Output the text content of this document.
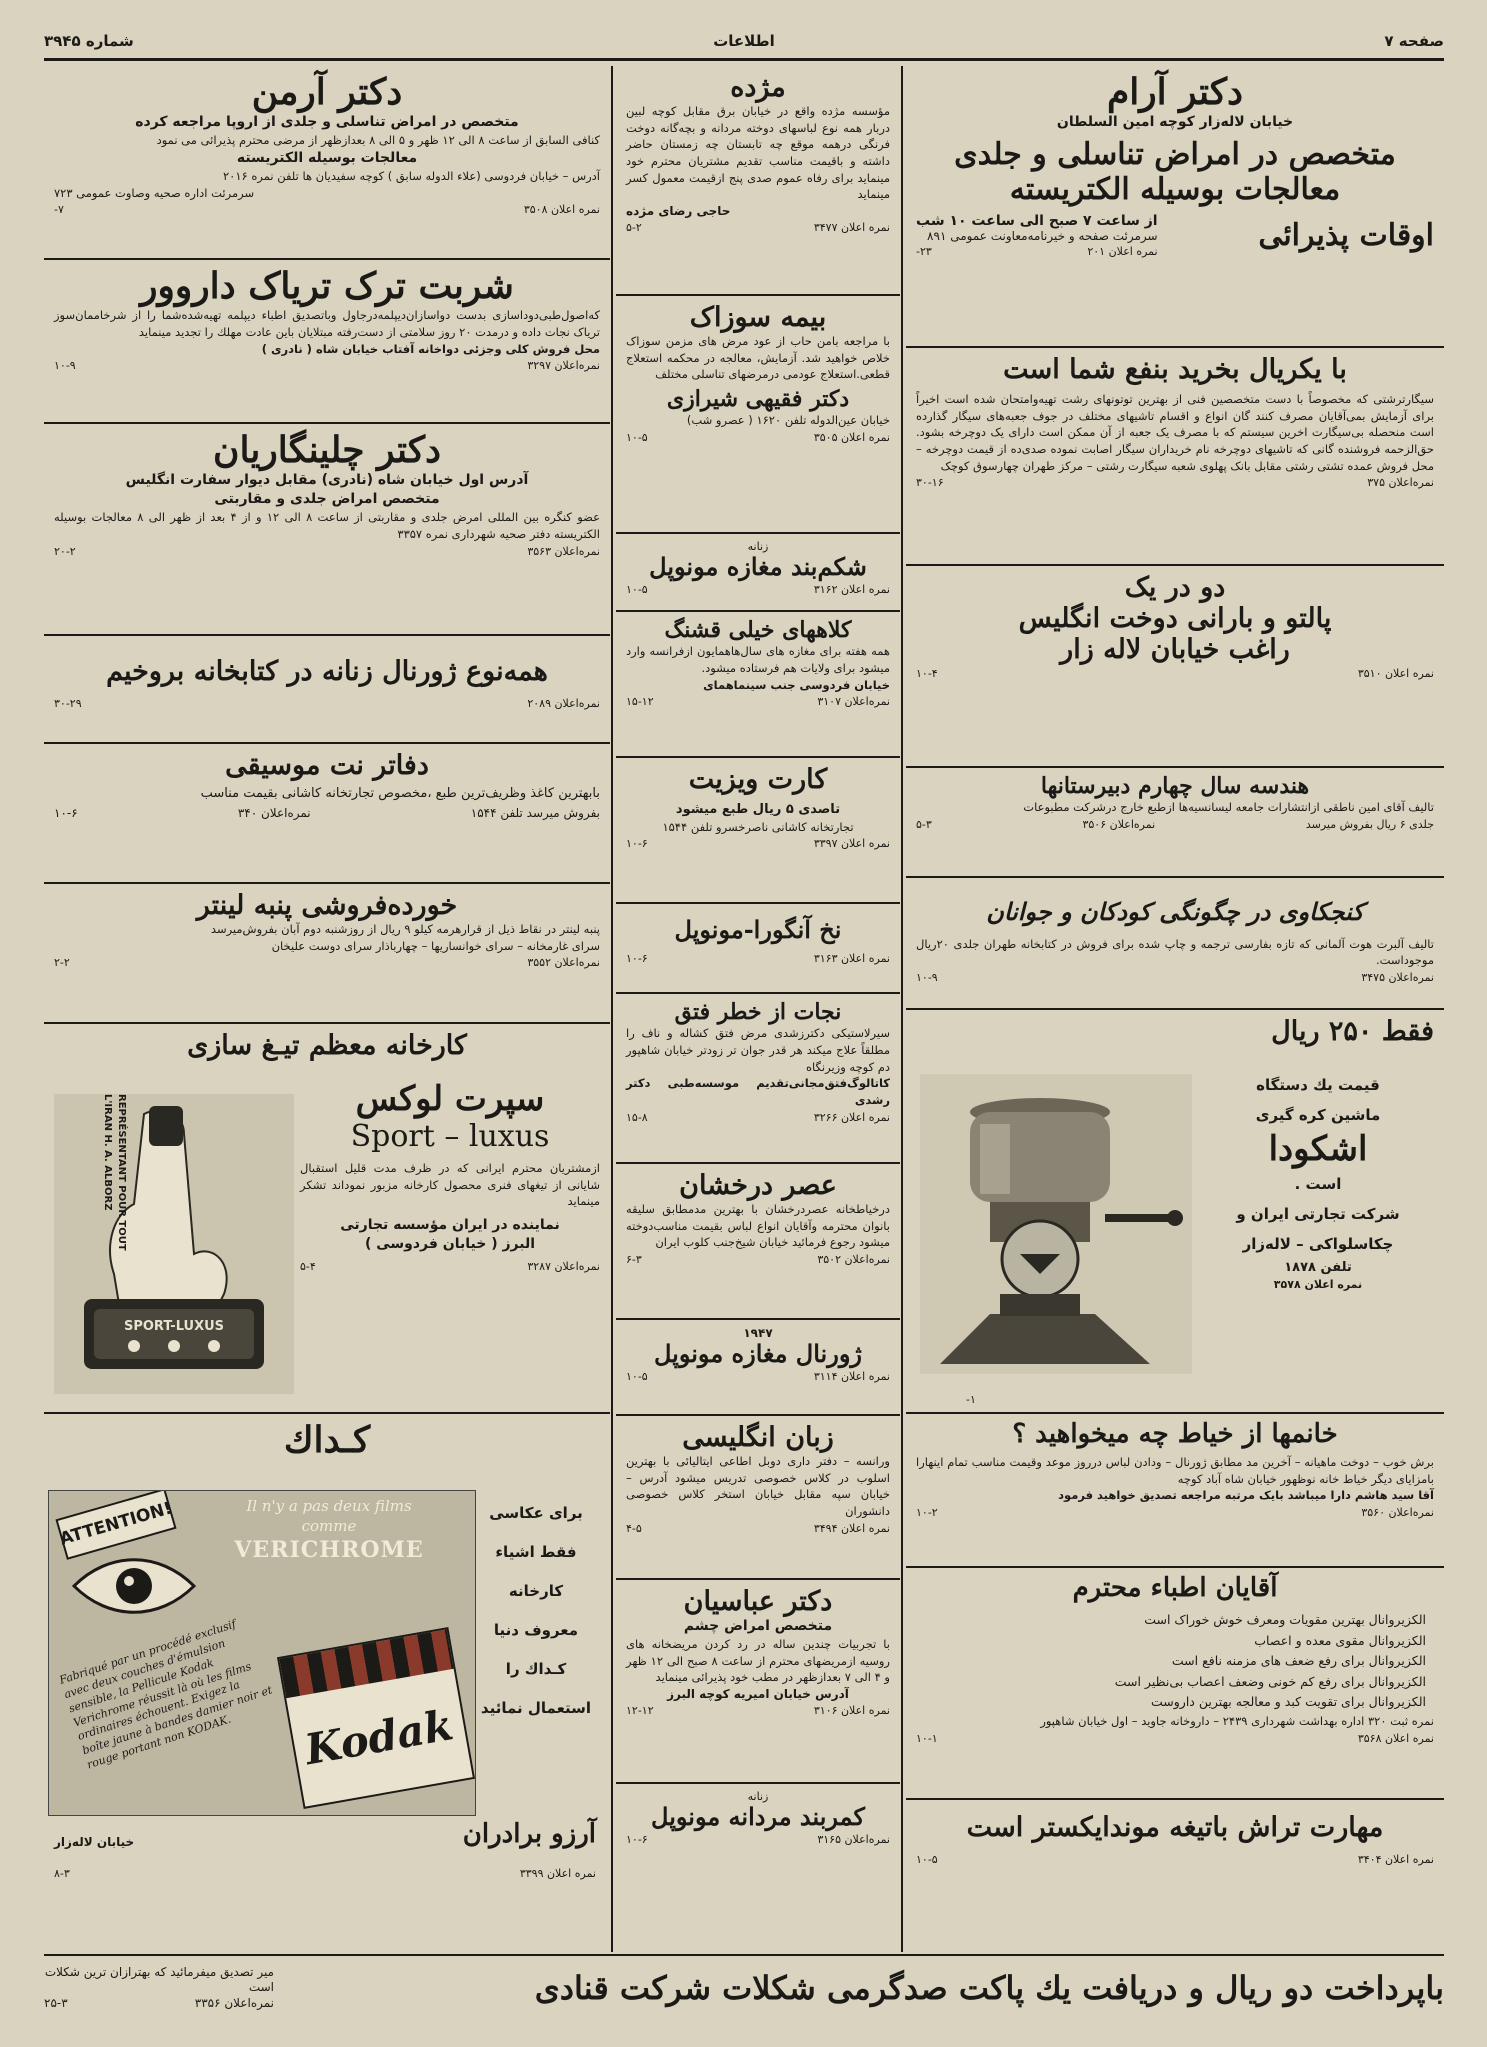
صفحه ۷
اطلاعات
شماره ۳۹۴۵
دکتر آرام
خیابان لاله‌زار کوچه امین السلطان
متخصص در امراض تناسلی و جلدی
معالجات بوسیله الکتریسته
اوقات پذیرائی
از ساعت ۷ صبح الی ساعت ۱۰ شب
سرمرئت صفحه و خیرنامه‌معاونت عمومی ۸۹۱
نمره اعلان ۲۰۱
۲۳-
با یکریال بخرید بنفع شما است
سیگارترشتی که مخصوصاً با دست متخصصین فنی از بهترین توتونهای رشت تهیه‌وامتحان شده است اخیراً برای آزمایش بمی‌آقایان مصرف کنند گان انواع و اقسام تاشیهای مختلف در جوف جعبه‌های سیگار گذارده است منحصله بی‌سیگارت اخرین سیستم که با مصرف یک جعبه از آن ممکن است دارای یک دوچرخه بشود. حق‌الزحمه فروشنده گانی که تاشیهای دوچرخه نام خریداران سیگار اصابت نموده صدی‌ده از قیمت دوچرخه – محل فروش عمده تشتی رشتی مقابل بانک پهلوی شعبه سیگارت رشتی – مرکز طهران چهارسوق کوچک
نمره‌اعلان ۳۷۵
۳۰-۱۶
دو در یک
پالتو و بارانی دوخت انگلیس
راغب خیابان لاله زار
نمره اعلان ۳۵۱۰
۱۰-۴
هندسه سال چهارم دبیرستانها
تالیف آقای امین ناطقی ازانتشارات جامعه لیسانسیه‌ها ازطبع خارج درشرکت مطبوعات
جلدی ۶ ریال بفروش میرسد
نمره‌اعلان ۳۵۰۶
۵-۳
کنجکاوی در چگونگی کودکان و جوانان
تالیف آلبرت هوت آلمانی که تازه بفارسی ترجمه و چاپ شده برای فروش در کتابخانه طهران جلدی ۲۰ریال موجوداست.
نمره‌اعلان ۳۴۷۵
۱۰-۹
فقط ۲۵۰ ریال
قیمت یك دستگاه
ماشین کره گیری
اشکودا
است .
شرکت تجارتی ایران و
چکاسلواکی – لاله‌زار
تلفن ۱۸۷۸
نمره اعلان ۳۵۷۸
۱-
خانمها از خیاط چه میخواهید ؟
برش خوب – دوخت ماهیانه – آخرین مد مطابق ژورنال – ودادن لباس درروز موعد وقیمت مناسب تمام اینهارا بامزایای دیگر خیاط خانه نوظهور خیابان شاه آباد کوچه
آقا سید هاشم دارا میباشد بایک مرتبه مراجعه تصدیق خواهید فرمود
نمره‌اعلان ۳۵۶۰
۱۰-۲
آقایان اطباء محترم
الکزیروانال بهترین مقویات ومعرف خوش خوراک است
الکزیروانال مقوی معده و اعصاب
الکزیروانال برای رفع ضعف های مزمنه نافع است
الکزیروانال برای رفع کم خونی وضعف اعصاب بی‌نظیر است
الکزیروانال برای تقویت کبد و معالجه بهترین داروست
نمره ثبت ۳۲۰ اداره بهداشت شهرداری ۲۴۳۹ – داروخانه جاوید – اول خیابان شاهپور
نمره اعلان ۳۵۶۸
۱۰-۱
مهارت تراش باتیغه موندایکستر است
نمره اعلان ۳۴۰۴
۱۰-۵
مژده
مؤسسه مژده واقع در خیابان برق مقابل کوچه لبین دربار همه نوع لباسهای دوخته مردانه و بچه‌گانه دوخت فرنگی درهمه موقع چه تابستان چه زمستان حاضر داشته و باقیمت مناسب تقدیم مشتریان محترم خود مینماید برای رفاه عموم صدی پنج ازقیمت معمول کسر مینماید
حاجی رضای مژده
نمره اعلان ۳۴۷۷
۵-۲
بیمه سوزاک
با مراجعه بامن حاب از عود مرض های مزمن سوزاک خلاص خواهید شد. آزمایش، معالجه در محکمه استعلاج قطعی.استعلاج عودمی درمرضهای تناسلی مختلف
دکتر فقیهی شیرازی
خیابان عین‌الدوله تلفن ۱۶۲۰ ( عصرو شب)
نمره اعلان ۳۵۰۵
۱۰-۵
زنانه
شکم‌بند مغازه مونوپل
نمره اعلان ۳۱۶۲
۱۰-۵
کلاههای خیلی قشنگ
همه هفته برای مغازه های سال‌ها‌همایون ازفرانسه وارد میشود برای ولایات هم فرستاده میشود.
خیابان فردوسی جنب سینماهمای
نمره‌اعلان ۳۱۰۷
۱۵-۱۲
کارت ویزیت
تاصدی ۵ ریال طبع میشود
تجارتخانه کاشانی ناصرخسرو تلفن ۱۵۴۴
نمره اعلان ۳۳۹۷
۱۰-۶
نخ آنگورا-مونوپل
نمره اعلان ۳۱۶۳
۱۰-۶
نجات از خطر فتق
سیرلاستیکی دکترزشدی مرض فتق کشاله و ناف را مطلقاً علاج میکند هر قدر جوان تر زودتر خیابان شاهپور دم کوچه وزیرنگاه
کاتالوگ‌فتق‌مجانی‌تقدیم موسسه‌طبی دکتر رشدی
نمره اعلان ۳۲۶۶
۱۵-۸
عصر درخشان
درخیاطخانه عصردرخشان با بهترین مدمطابق سلیقه بانوان محترمه وآقایان انواع لباس بقیمت مناسب‌دوخته میشود رجوع فرمائید خیابان شیخ‌جنب کلوب ایران
نمره‌اعلان ۳۵۰۲
۶-۳
۱۹۴۷
ژورنال مغازه مونوپل
نمره اعلان ۳۱۱۴
۱۰-۵
زبان انگلیسی
ورانسه – دفتر داری دوبل اطاعی ایتالیائی با بهترین اسلوب در کلاس خصوصی تدریس میشود آدرس – خیابان سپه مقابل خیابان استخر کلاس خصوصی دانشوران
نمره اعلان ۳۴۹۴
۴-۵
دکتر عباسیان
متخصص امراض چشم
با تجربیات چندین ساله در رد کردن مریضخانه های روسیه ازمریضهای محترم از ساعت ۸ صبح الی ۱۲ ظهر و ۴ الی ۷ بعدازظهر در مطب خود پذیرائی مینماید
آدرس خیابان امیریه کوچه البرز
نمره اعلان ۳۱۰۶
۱۲-۱۲
زنانه
کمربند مردانه مونوپل
نمره‌اعلان ۳۱۶۵
۱۰-۶
دکتر آرمن
متخصص در امراض تناسلی و جلدی از اروپا مراجعه کرده
کنافی السابق از ساعت ۸ الی ۱۲ ظهر و ۵ الی ۸ بعدازظهر از مرضی محترم پذیرائی می نمود
معالجات بوسیله الکتریسته
آدرس – خیابان فردوسی (علاء الدوله سابق ) کوچه سفیدیان ها تلفن نمره ۲۰۱۶
سرمرئت اداره صحیه وصاوت عمومی ۷۲۳
نمره اعلان ۳۵۰۸
۷-
شربت ترک تریاک داروور
که‌اصول‌طبی‌دوداسازی بدست دواسازان‌دیپلمه‌درجاول وباتصدیق اطباء دیپلمه تهیه‌شده‌شما را از شرخاممان‌سوز تریاک نجات داده و درمدت ۲۰ روز سلامتی از دست‌رفته مبتلایان باین عادت مهلك را تجدید مینماید
محل فروش کلی وجزئی دواخانه آفتاب خیابان شاه ( نادری )
نمره‌اعلان ۳۲۹۷
۱۰-۹
دکتر چلینگاریان
آدرس اول خیابان شاه (نادری) مقابل دیوار سفارت انگلیس
متخصص امراض جلدی و مقاربتی
عضو کنگره بین المللی امرض جلدی و مقاربتی از ساعت ۸ الی ۱۲ و از ۴ بعد از ظهر الی ۸ معالجات بوسیله الکتریسته دفتر صحیه شهرداری نمره ۳۳۵۷
نمره‌اعلان ۳۵۶۳
۲۰-۲
همه‌نوع ژورنال زنانه در کتابخانه بروخیم
نمره‌اعلان ۲۰۸۹
۳۰-۲۹
دفاتر نت موسیقی
بابهترین کاغذ وظریف‌ترین طبع ،مخصوص تجارتخانه کاشانی بقیمت مناسب
بفروش میرسد تلفن ۱۵۴۴
نمره‌اعلان ۳۴۰
۱۰-۶
خورده‌فروشی پنبه لینتر
پنبه لینتر در نقاط ذیل از قرارهرمه کیلو ۹ ریال از روزشنبه دوم آبان بفروش‌میرسد
سرای غارمخانه – سرای خوانساریها – چهارباذار سرای دوست علیخان
نمره‌اعلان ۳۵۵۲
۲-۲
کارخانه معظم تیـغ سازی
سپرت لوکس
Sport – luxus
ازمشتریان محترم ایرانی که در ظرف مدت قلیل استقبال شایانی از تیغهای فنری محصول کارخانه مزبور نموداند تشکر مینماید
نماینده در ایران مؤسسه تجارتی
البرز ( خیابان فردوسی )
نمره‌اعلان ۳۲۸۷
۵-۴
SPORT-LUXUS
REPRÉSENTANT POUR TOUT L'IRAN H. A. ALBORZ
کـداك
برای عکاسی
فقط اشیاء
کارخانه
معروف دنیا
کـداك را
استعمال نمائید
ATTENTION!	Il n'y a pas deux films
comme
VERICHROME
Fabriqué par un procédé exclusif avec deux couches d'émulsion sensible, la Pellicule Kodak Verichrome réussit là où les films ordinaires échouent. Exigez la boîte jaune à bandes damier noir et rouge portant non KODAK.	Kodak
آرزو برادران
خیابان لاله‌زار
نمره اعلان ۳۳۹۹
۸-۳
باپرداخت دو ریال و دریافت یك پاکت صدگرمی شکلات شرکت قنادی
میر تصدیق میفرمائید که بهترازان ترین شکلات است
نمره‌اعلان ۳۳۵۶
۲۵-۳
